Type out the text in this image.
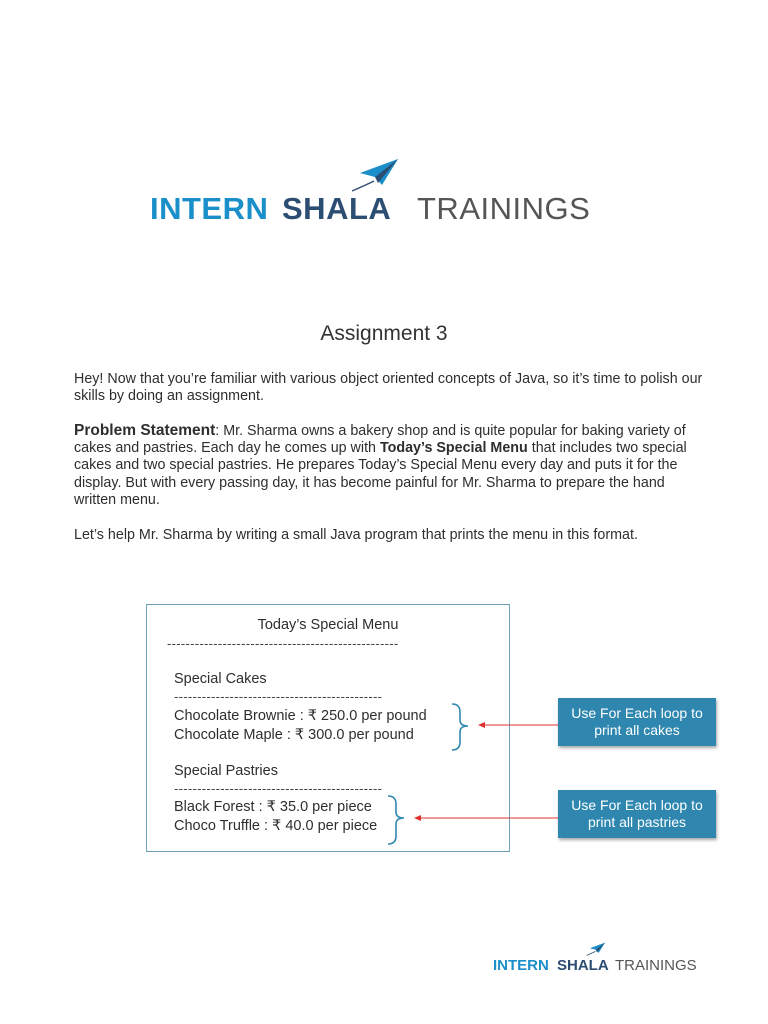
INTERN SHALA TRAININGS
Assignment 3
Hey! Now that you’re familiar with various object oriented concepts of Java, so it’s time to polish our skills by doing an assignment.
Problem Statement: Mr. Sharma owns a bakery shop and is quite popular for baking variety of cakes and pastries. Each day he comes up with Today’s Special Menu that includes two special cakes and two special pastries. He prepares Today’s Special Menu every day and puts it for the display. But with every passing day, it has become painful for Mr. Sharma to prepare the hand written menu.
Let’s help Mr. Sharma by writing a small Java program that prints the menu in this format.
Today’s Special Menu
--------------------------------------------------
Special Cakes
---------------------------------------------
Chocolate Brownie : ₹ 250.0 per pound
Chocolate Maple : ₹ 300.0 per pound
Special Pastries
---------------------------------------------
Black Forest : ₹ 35.0 per piece
Choco Truffle : ₹ 40.0 per piece
Use For Each loop to print all cakes
Use For Each loop to print all pastries
INTERN SHALA TRAININGS
